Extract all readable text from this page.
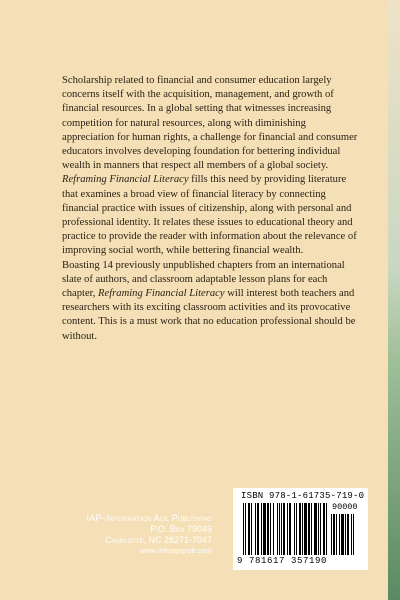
Scholarship related to financial and consumer education largely concerns itself with the acquisition, management, and growth of financial resources. In a global setting that witnesses increasing competition for natural resources, along with diminishing appreciation for human rights, a challenge for financial and consumer educators involves developing foundation for bettering individual wealth in manners that respect all members of a global society.

Reframing Financial Literacy fills this need by providing literature that examines a broad view of financial literacy by connecting financial practice with issues of citizenship, along with personal and professional identity. It relates these issues to educational theory and practice to provide the reader with information about the relevance of improving social worth, while bettering financial wealth.

Boasting 14 previously unpublished chapters from an international slate of authors, and classroom adaptable lesson plans for each chapter, Reframing Financial Literacy will interest both teachers and researchers with its exciting classroom activities and its provocative content. This is a must work that no education professional should be without.

IAP–Information Age Publishing
P.O. Box 79049
Charlotte, NC 28271-7047
www.infoagepub.com
ISBN 978-1-61735-719-0
90000
9 781617 357190
